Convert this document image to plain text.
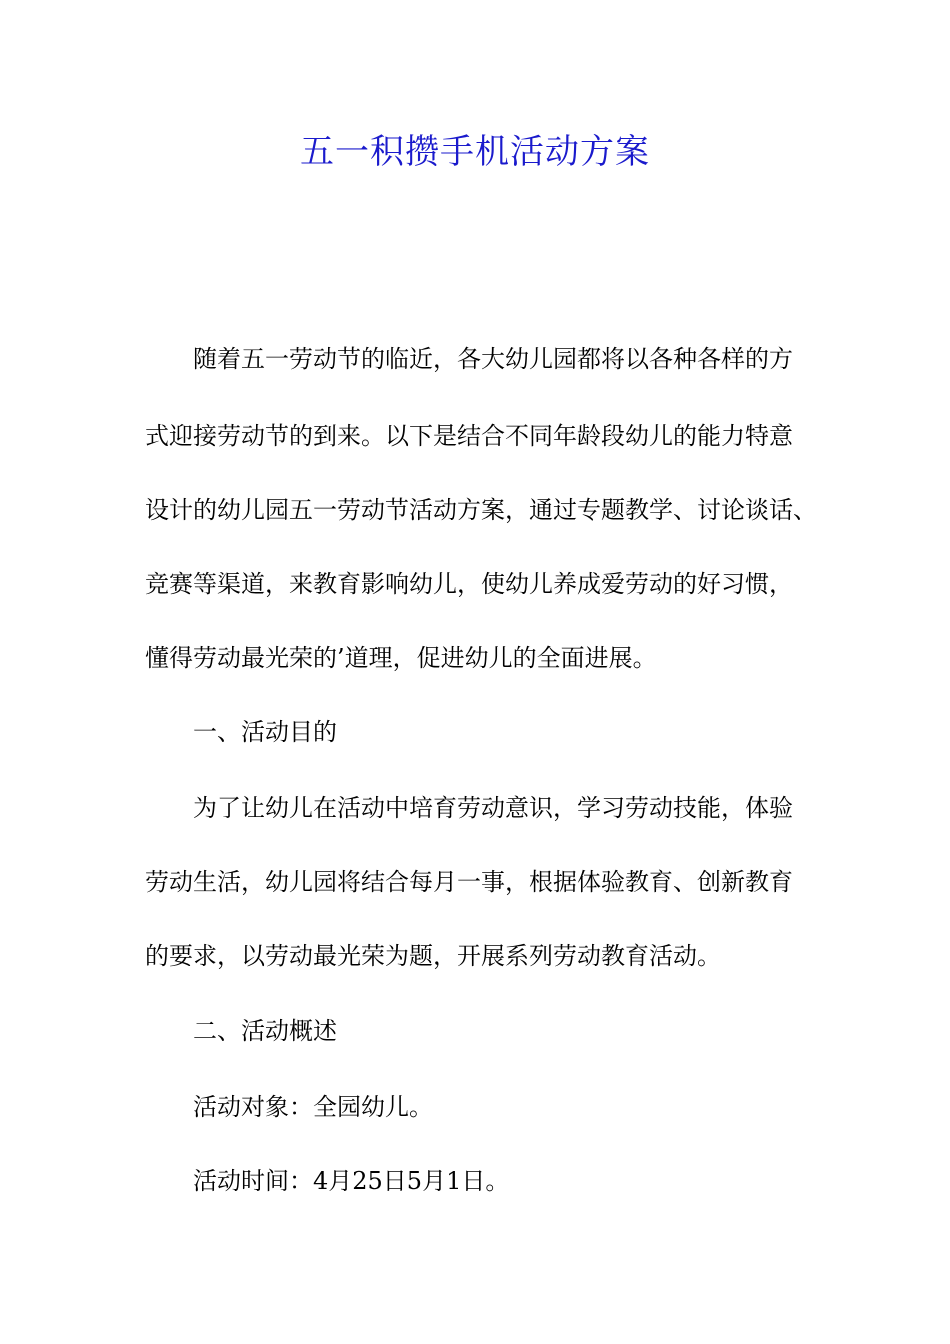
五一积攒手机活动方案

随着五一劳动节的临近，各大幼儿园都将以各种各样的方

式迎接劳动节的到来。以下是结合不同年龄段幼儿的能力特意

设计的幼儿园五一劳动节活动方案，通过专题教学、讨论谈话、

竞赛等渠道，来教育影响幼儿，使幼儿养成爱劳动的好习惯，

懂得劳动最光荣的’道理，促进幼儿的全面进展。

一、活动目的

为了让幼儿在活动中培育劳动意识，学习劳动技能，体验

劳动生活，幼儿园将结合每月一事，根据体验教育、创新教育

的要求，以劳动最光荣为题，开展系列劳动教育活动。

二、活动概述

活动对象：全园幼儿。

活动时间：4月25日5月1日。
